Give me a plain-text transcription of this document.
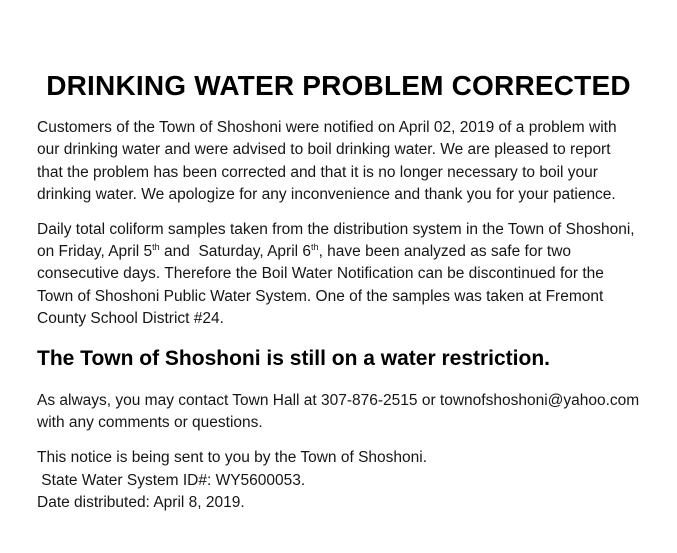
DRINKING WATER PROBLEM CORRECTED
Customers of the Town of Shoshoni were notified on April 02, 2019 of a problem with
our drinking water and were advised to boil drinking water. We are pleased to report
that the problem has been corrected and that it is no longer necessary to boil your
drinking water. We apologize for any inconvenience and thank you for your patience.
Daily total coliform samples taken from the distribution system in the Town of Shoshoni,
on Friday, April 5th and  Saturday, April 6th, have been analyzed as safe for two
consecutive days. Therefore the Boil Water Notification can be discontinued for the
Town of Shoshoni Public Water System. One of the samples was taken at Fremont
County School District #24.
The Town of Shoshoni is still on a water restriction.
As always, you may contact Town Hall at 307-876-2515 or townofshoshoni@yahoo.com
with any comments or questions.
This notice is being sent to you by the Town of Shoshoni.
State Water System ID#: WY5600053.
Date distributed: April 8, 2019.
